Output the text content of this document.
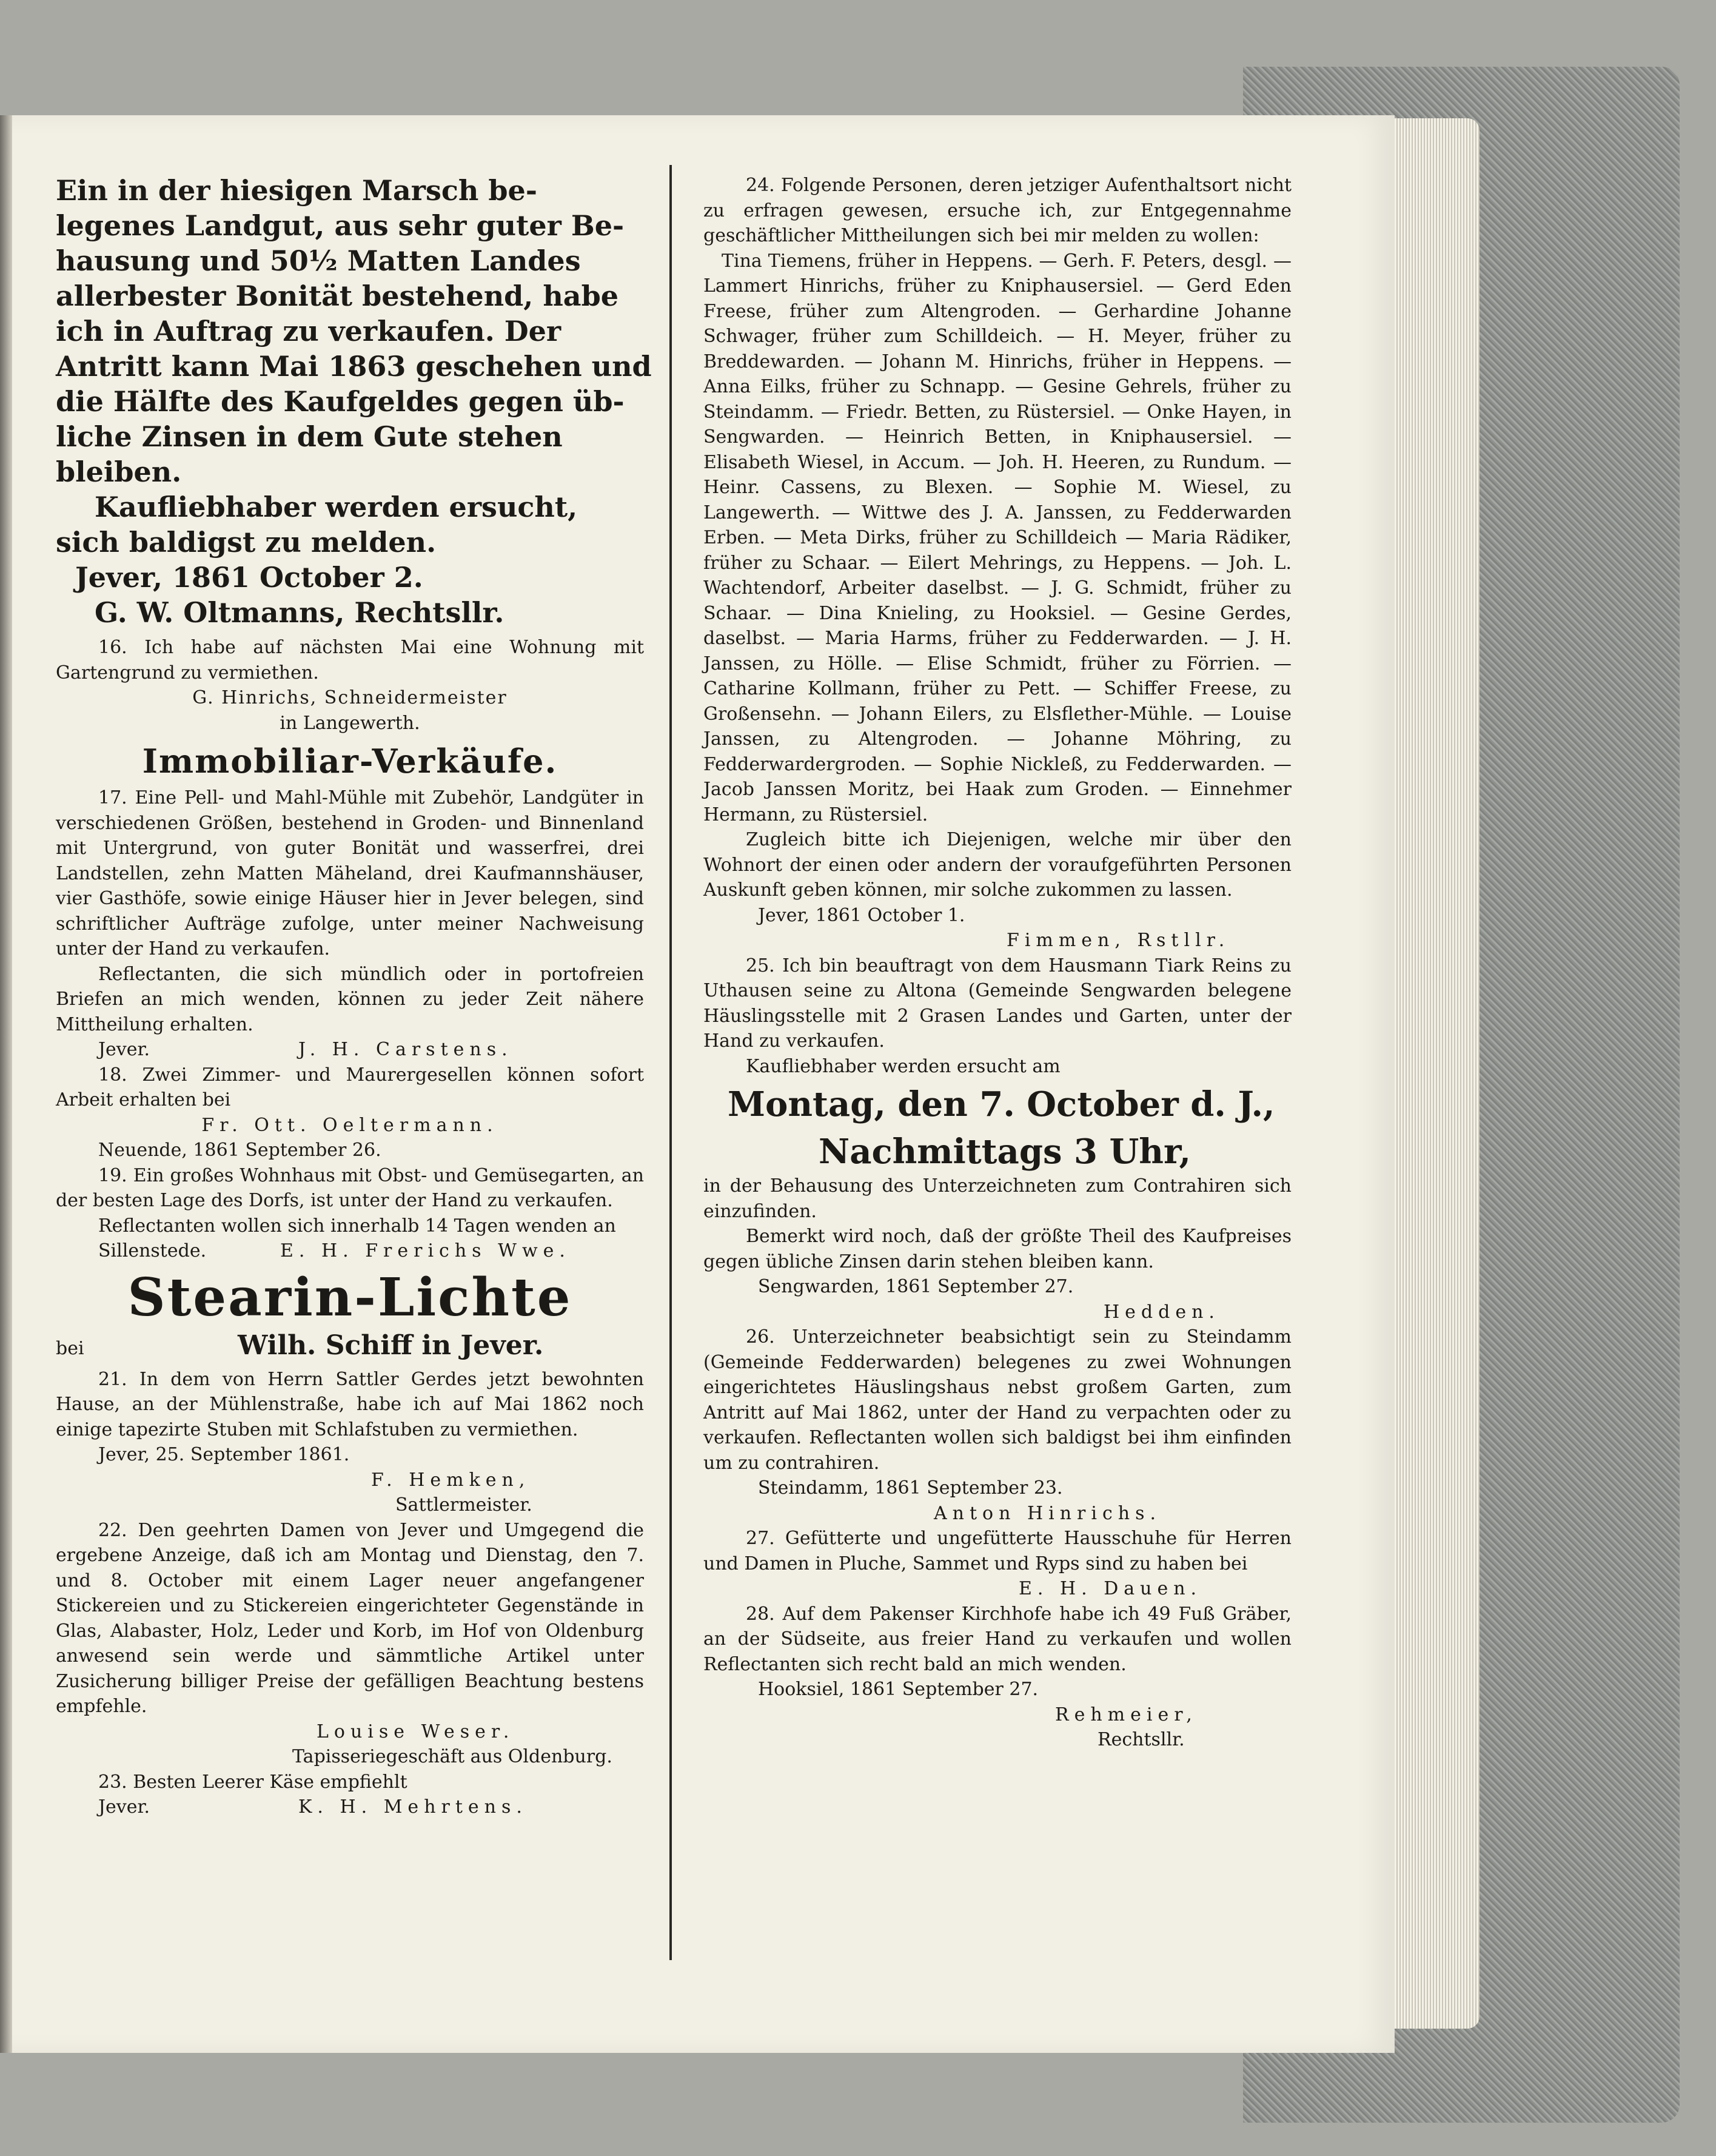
Ein in der hiesigen Marsch be-

legenes Landgut, aus sehr guter Be-

hausung und 50½ Matten Landes

allerbester Bonität bestehend, habe

ich in Auftrag zu verkaufen. Der

Antritt kann Mai 1863 geschehen und

die Hälfte des Kaufgeldes gegen üb-

liche Zinsen in dem Gute stehen

bleiben.

Kaufliebhaber werden ersucht,

sich baldigst zu melden.

Jever, 1861 October 2.

G. W. Oltmanns, Rechtsllr.

16. Ich habe auf nächsten Mai eine Wohnung mit Gartengrund zu vermiethen.

G. Hinrichs, Schneidermeister

in Langewerth.

Immobiliar-Verkäufe.

17. Eine Pell- und Mahl-Mühle mit Zubehör, Landgüter in verschiedenen Größen, bestehend in Groden- und Binnenland mit Untergrund, von guter Bonität und wasserfrei, drei Landstellen, zehn Matten Mäheland, drei Kaufmannshäuser, vier Gasthöfe, sowie einige Häuser hier in Jever belegen, sind schriftlicher Aufträge zufolge, unter meiner Nachweisung unter der Hand zu verkaufen.

Reflectanten, die sich mündlich oder in portofreien Briefen an mich wenden, können zu jeder Zeit nähere Mittheilung erhalten.

Jever.	J. H. Carstens.

18. Zwei Zimmer- und Maurergesellen können sofort Arbeit erhalten bei

Fr. Ott. Oeltermann.

Neuende, 1861 September 26.

19. Ein großes Wohnhaus mit Obst- und Gemüsegarten, an der besten Lage des Dorfs, ist unter der Hand zu verkaufen.

Reflectanten wollen sich innerhalb 14 Tagen wenden an

Sillenstede.	E. H. Frerichs Wwe.

Stearin-Lichte

bei	Wilh. Schiff in Jever.

21. In dem von Herrn Sattler Gerdes jetzt bewohnten Hause, an der Mühlenstraße, habe ich auf Mai 1862 noch einige tapezirte Stuben mit Schlafstuben zu vermiethen.

Jever, 25. September 1861.

F. Hemken,

Sattlermeister.

22. Den geehrten Damen von Jever und Umgegend die ergebene Anzeige, daß ich am Montag und Dienstag, den 7. und 8. October mit einem Lager neuer angefangener Stickereien und zu Stickereien eingerichteter Gegenstände in Glas, Alabaster, Holz, Leder und Korb, im Hof von Oldenburg anwesend sein werde und sämmtliche Artikel unter Zusicherung billiger Preise der gefälligen Beachtung bestens empfehle.

Louise Weser.

Tapisseriegeschäft aus Oldenburg.

23. Besten Leerer Käse empfiehlt

Jever.	K. H. Mehrtens.

24. Folgende Personen, deren jetziger Aufenthaltsort nicht zu erfragen gewesen, ersuche ich, zur Entgegennahme geschäftlicher Mittheilungen sich bei mir melden zu wollen:

Tina Tiemens, früher in Heppens. — Gerh. F. Peters, desgl. — Lammert Hinrichs, früher zu Kniphausersiel. — Gerd Eden Freese, früher zum Altengroden. — Gerhardine Johanne Schwager, früher zum Schilldeich. — H. Meyer, früher zu Breddewarden. — Johann M. Hinrichs, früher in Heppens. — Anna Eilks, früher zu Schnapp. — Gesine Gehrels, früher zu Steindamm. — Friedr. Betten, zu Rüstersiel. — Onke Hayen, in Sengwarden. — Heinrich Betten, in Kniphausersiel. — Elisabeth Wiesel, in Accum. — Joh. H. Heeren, zu Rundum. — Heinr. Cassens, zu Blexen. — Sophie M. Wiesel, zu Langewerth. — Wittwe des J. A. Janssen, zu Fedderwarden Erben. — Meta Dirks, früher zu Schilldeich — Maria Rädiker, früher zu Schaar. — Eilert Mehrings, zu Heppens. — Joh. L. Wachtendorf, Arbeiter daselbst. — J. G. Schmidt, früher zu Schaar. — Dina Knieling, zu Hooksiel. — Gesine Gerdes, daselbst. — Maria Harms, früher zu Fedderwarden. — J. H. Janssen, zu Hölle. — Elise Schmidt, früher zu Förrien. — Catharine Kollmann, früher zu Pett. — Schiffer Freese, zu Großensehn. — Johann Eilers, zu Elsflether-Mühle. — Louise Janssen, zu Altengroden. — Johanne Möhring, zu Fedderwardergroden. — Sophie Nickleß, zu Fedderwarden. — Jacob Janssen Moritz, bei Haak zum Groden. — Einnehmer Hermann, zu Rüstersiel.

Zugleich bitte ich Diejenigen, welche mir über den Wohnort der einen oder andern der voraufgeführten Personen Auskunft geben können, mir solche zukommen zu lassen.

Jever, 1861 October 1.

Fimmen, Rstllr.

25. Ich bin beauftragt von dem Hausmann Tiark Reins zu Uthausen seine zu Altona (Gemeinde Sengwarden belegene Häuslingsstelle mit 2 Grasen Landes und Garten, unter der Hand zu verkaufen.

Kaufliebhaber werden ersucht am

Montag, den 7. October d. J.,

Nachmittags 3 Uhr,

in der Behausung des Unterzeichneten zum Contrahiren sich einzufinden.

Bemerkt wird noch, daß der größte Theil des Kaufpreises gegen übliche Zinsen darin stehen bleiben kann.

Sengwarden, 1861 September 27.

Hedden.

26. Unterzeichneter beabsichtigt sein zu Steindamm (Gemeinde Fedderwarden) belegenes zu zwei Wohnungen eingerichtetes Häuslingshaus nebst großem Garten, zum Antritt auf Mai 1862, unter der Hand zu verpachten oder zu verkaufen. Reflectanten wollen sich baldigst bei ihm einfinden um zu contrahiren.

Steindamm, 1861 September 23.

Anton Hinrichs.

27. Gefütterte und ungefütterte Hausschuhe für Herren und Damen in Pluche, Sammet und Ryps sind zu haben bei

E. H. Dauen.

28. Auf dem Pakenser Kirchhofe habe ich 49 Fuß Gräber, an der Südseite, aus freier Hand zu verkaufen und wollen Reflectanten sich recht bald an mich wenden.

Hooksiel, 1861 September 27.

Rehmeier,

Rechtsllr.
